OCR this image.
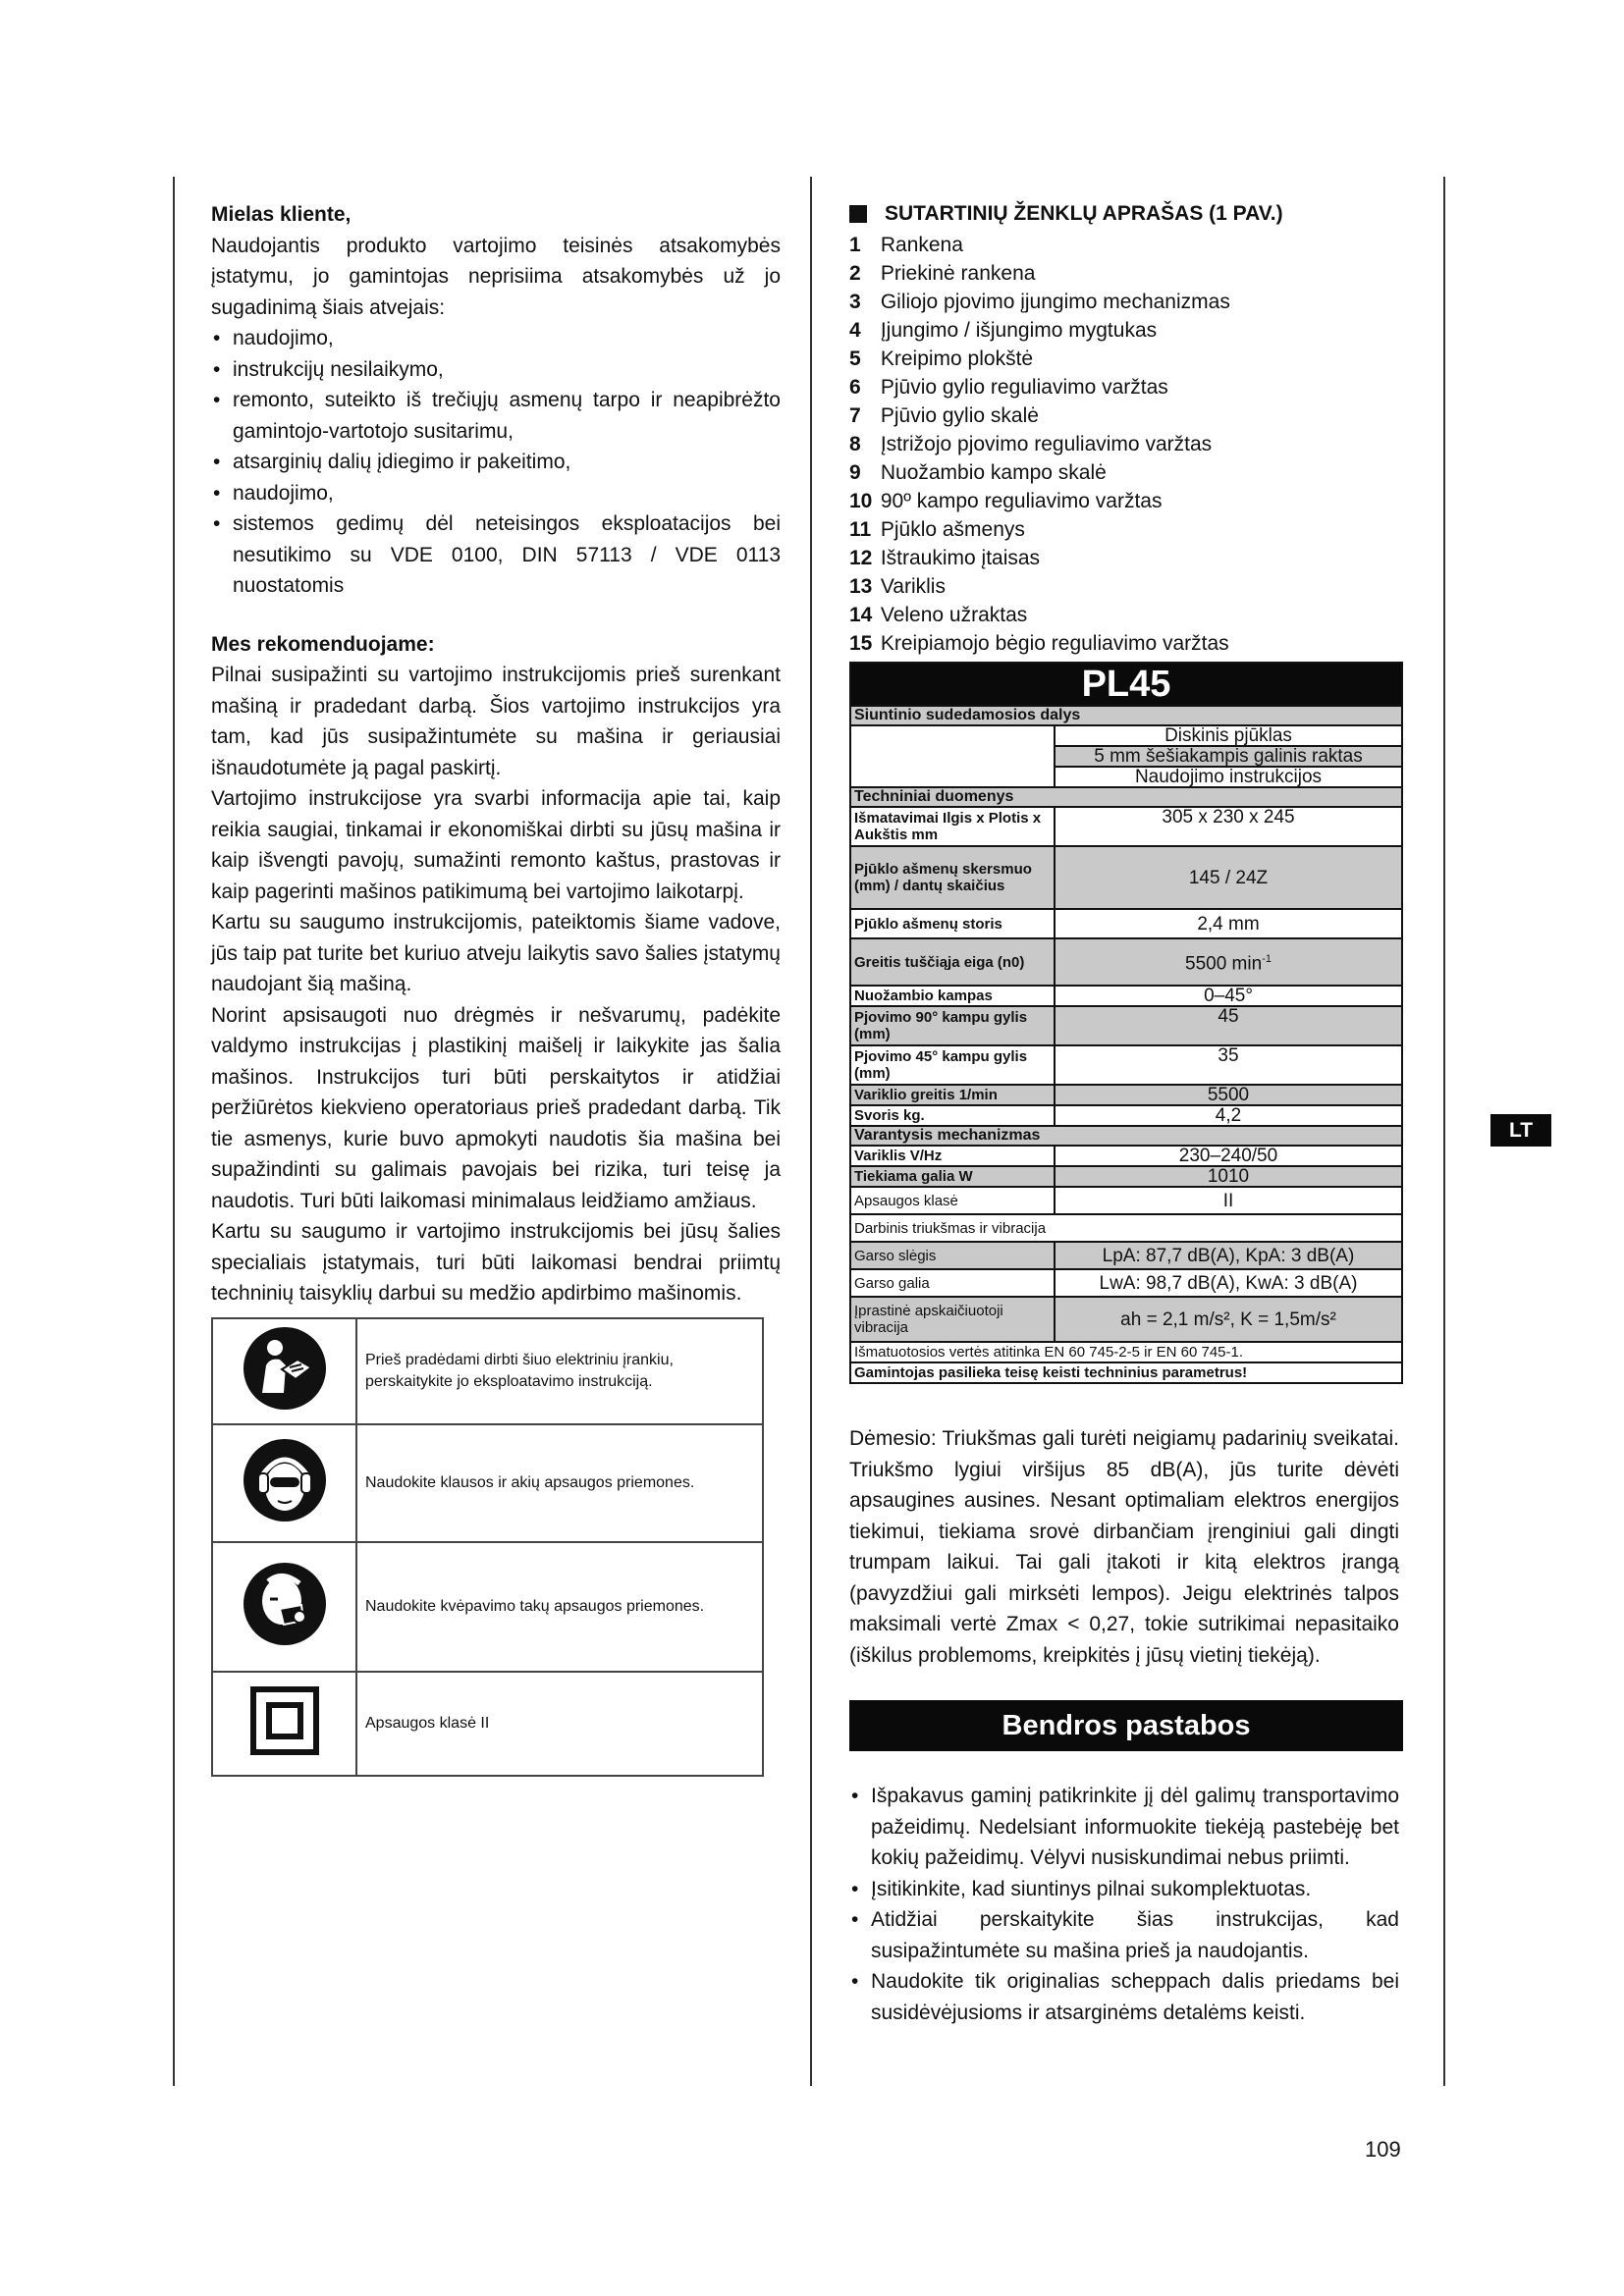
Mielas kliente,

Naudojantis produkto vartojimo teisinės atsakomybės įstatymu, jo gamintojas neprisiima atsakomybės už jo sugadinimą šiais atvejais:

• naudojimo,
• instrukcijų nesilaikymo,
• remonto, suteikto iš trečiųjų asmenų tarpo ir neapibrėžto gamintojo-vartotojo susitarimu,
• atsarginių dalių įdiegimo ir pakeitimo,
• naudojimo,
• sistemos gedimų dėl neteisingos eksploatacijos bei nesutikimo su VDE 0100, DIN 57113 / VDE 0113 nuostatomis

Mes rekomenduojame:

Pilnai susipažinti su vartojimo instrukcijomis prieš surenkant mašiną ir pradedant darbą. Šios vartojimo instrukcijos yra tam, kad jūs susipažintumėte su mašina ir geriausiai išnaudotumėte ją pagal paskirtį.

Vartojimo instrukcijose yra svarbi informacija apie tai, kaip reikia saugiai, tinkamai ir ekonomiškai dirbti su jūsų mašina ir kaip išvengti pavojų, sumažinti remonto kaštus, prastovas ir kaip pagerinti mašinos patikimumą bei vartojimo laikotarpį.

Kartu su saugumo instrukcijomis, pateiktomis šiame vadove, jūs taip pat turite bet kuriuo atveju laikytis savo šalies įstatymų naudojant šią mašiną.

Norint apsisaugoti nuo drėgmės ir nešvarumų, padėkite valdymo instrukcijas į plastikinį maišelį ir laikykite jas šalia mašinos. Instrukcijos turi būti perskaitytos ir atidžiai peržiūrėtos kiekvieno operatoriaus prieš pradedant darbą. Tik tie asmenys, kurie buvo apmokyti naudotis šia mašina bei supažindinti su galimais pavojais bei rizika, turi teisę ja naudotis. Turi būti laikomasi minimalaus leidžiamo amžiaus.

Kartu su saugumo ir vartojimo instrukcijomis bei jūsų šalies specialiais įstatymais, turi būti laikomasi bendrai priimtų techninių taisyklių darbui su medžio apdirbimo mašinomis.

	Prieš pradėdami dirbti šiuo elektriniu įrankiu, perskaitykite jo eksploatavimo instrukciją.
	Naudokite klausos ir akių apsaugos priemones.
	Naudokite kvėpavimo takų apsaugos priemones.
	Apsaugos klasė II
SUTARTINIŲ ŽENKLŲ APRAŠAS (1 PAV.)
1 Rankena
2 Priekinė rankena
3 Giliojo pjovimo įjungimo mechanizmas
4 Įjungimo / išjungimo mygtukas
5 Kreipimo plokštė
6 Pjūvio gylio reguliavimo varžtas
7 Pjūvio gylio skalė
8 Įstrižojo pjovimo reguliavimo varžtas
9 Nuožambio kampo skalė
10 90º kampo reguliavimo varžtas
11 Pjūklo ašmenys
12 Ištraukimo įtaisas
13 Variklis
14 Veleno užraktas
15 Kreipiamojo bėgio reguliavimo varžtas
PL45	
Siuntinio sudedamosios dalys	
	Diskinis pjūklas
	5 mm šešiakampis galinis raktas
	Naudojimo instrukcijos
Techniniai duomenys	
Išmatavimai Ilgis x Plotis x Aukštis mm	305 x 230 x 245
Pjūklo ašmenų skersmuo (mm) / dantų skaičius	145 / 24Z
Pjūklo ašmenų storis	2,4 mm
Greitis tuščiąja eiga (n0)	5500 $\min^{-1}$
Nuožambio kampas	0–45°
Pjovimo 90° kampu gylis (mm)	45
Pjovimo 45° kampu gylis (mm)	35
Variklio greitis 1/min	5500
Svoris kg.	4,2
Varantysis mechanizmas	
Variklis V/Hz	230–240/50
Tiekiama galia W	1010
Apsaugos klasė	II
Darbinis triukšmas ir vibracija	
Garso slėgis	LpA: 87,7 dB(A), KpA: 3 dB(A)
Garso galia	LwA: 98,7 dB(A), KwA: 3 dB(A)
Įprastinė apskaičiuotoji vibracija	ah = 2,1 m/s², K = 1,5m/s²
Išmatuotosios vertės atitinka EN 60 745-2-5 ir EN 60 745-1.	
Gamintojas pasilieka teisę keisti techninius parametrus!	

Dėmesio: Triukšmas gali turėti neigiamų padarinių sveikatai. Triukšmo lygiui viršijus 85 dB(A), jūs turite dėvėti apsaugines ausines. Nesant optimaliam elektros energijos tiekimui, tiekiama srovė dirbančiam įrenginiui gali dingti trumpam laikui. Tai gali įtakoti ir kitą elektros įrangą (pavyzdžiui gali mirksėti lempos). Jeigu elektrinės talpos maksimali vertė Zmax < 0,27, tokie sutrikimai nepasitaiko (iškilus problemoms, kreipkitės į jūsų vietinį tiekėją).

Bendros pastabos
• Išpakavus gaminį patikrinkite jį dėl galimų transportavimo pažeidimų. Nedelsiant informuokite tiekėją pastebėję bet kokių pažeidimų. Vėlyvi nusiskundimai nebus priimti.
• Įsitikinkite, kad siuntinys pilnai sukomplektuotas.
• Atidžiai perskaitykite šias instrukcijas, kad susipažintumėte su mašina prieš ja naudojantis.
• Naudokite tik originalias scheppach dalis priedams bei susidėvėjusioms ir atsarginėms detalėms keisti.
LT
109
